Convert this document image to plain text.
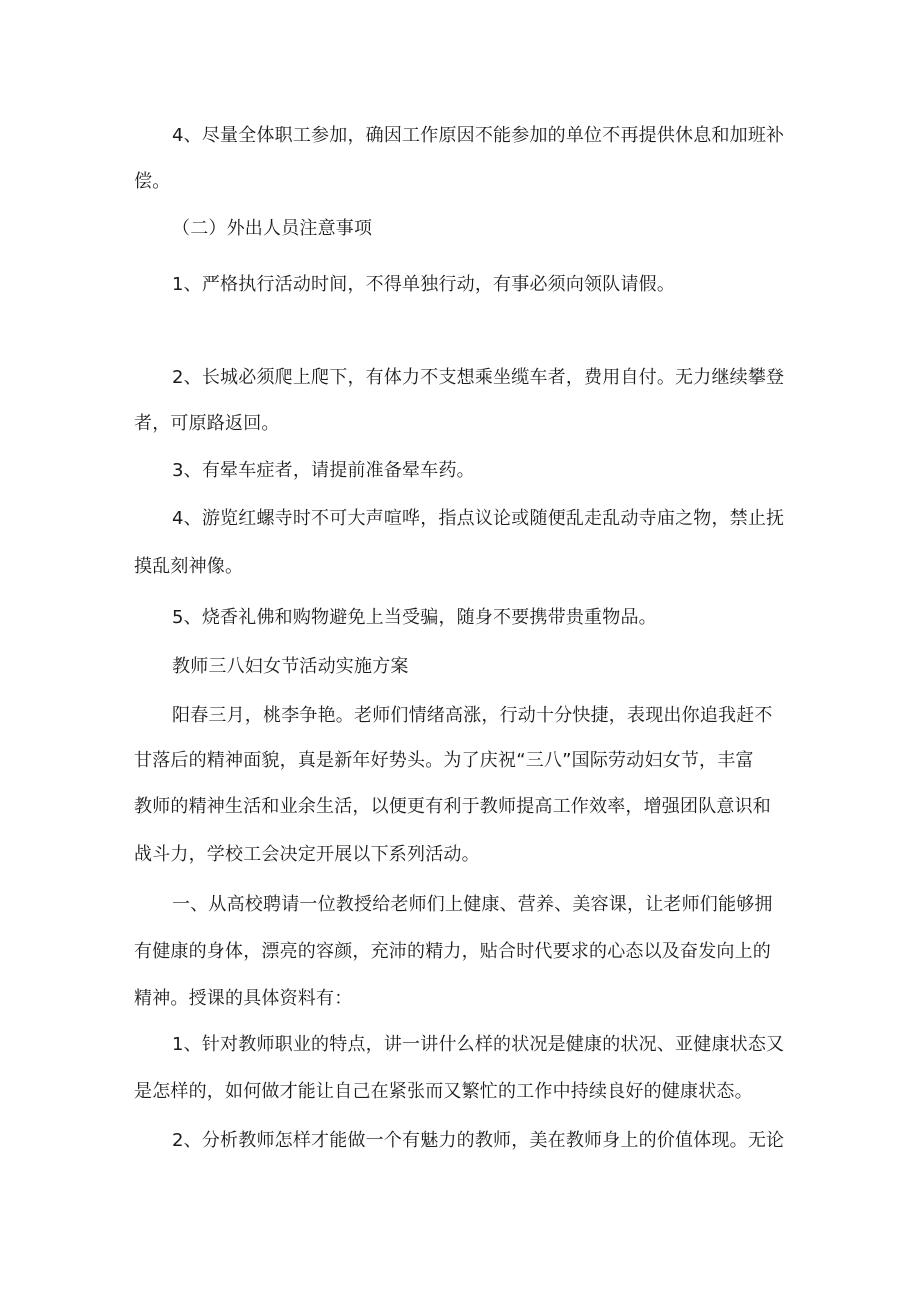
4、尽量全体职工参加，确因工作原因不能参加的单位不再提供休息和加班补
偿。
（二）外出人员注意事项
1、严格执行活动时间，不得单独行动，有事必须向领队请假。
2、长城必须爬上爬下，有体力不支想乘坐缆车者，费用自付。无力继续攀登
者，可原路返回。
3、有晕车症者，请提前准备晕车药。
4、游览红螺寺时不可大声喧哗，指点议论或随便乱走乱动寺庙之物，禁止抚
摸乱刻神像。
5、烧香礼佛和购物避免上当受骗，随身不要携带贵重物品。
教师三八妇女节活动实施方案
阳春三月，桃李争艳。老师们情绪高涨，行动十分快捷，表现出你追我赶不
甘落后的精神面貌，真是新年好势头。为了庆祝“三八”国际劳动妇女节，丰富
教师的精神生活和业余生活，以便更有利于教师提高工作效率，增强团队意识和
战斗力，学校工会决定开展以下系列活动。
一、从高校聘请一位教授给老师们上健康、营养、美容课，让老师们能够拥
有健康的身体，漂亮的容颜，充沛的精力，贴合时代要求的心态以及奋发向上的
精神。授课的具体资料有：
1、针对教师职业的特点，讲一讲什么样的状况是健康的状况、亚健康状态又
是怎样的，如何做才能让自己在紧张而又繁忙的工作中持续良好的健康状态。
2、分析教师怎样才能做一个有魅力的教师，美在教师身上的价值体现。无论
